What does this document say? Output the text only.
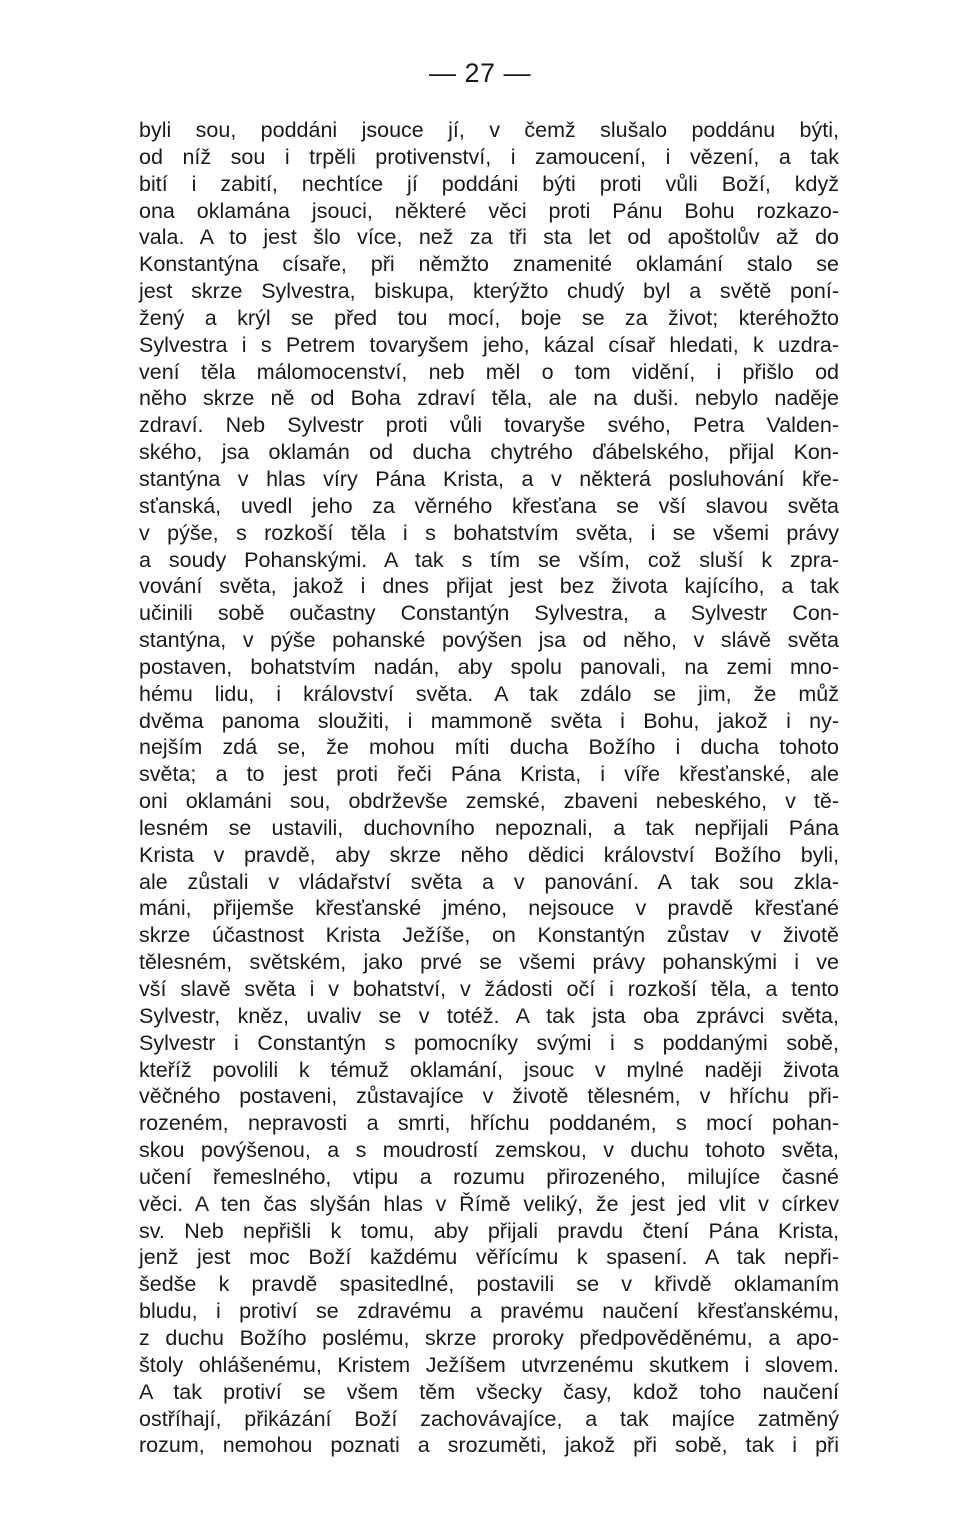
— 27 —
byli sou, poddáni jsouce jí, v čemž slušalo poddánu býti,
od níž sou i trpěli protivenství, i zamoucení, i vězení, a tak
bití i zabití, nechtíce jí poddáni býti proti vůli Boží, když
ona oklamána jsouci, některé věci proti Pánu Bohu rozkazo-
vala. A to jest šlo více, než za tři sta let od apoštolův až do
Konstantýna císaře, při němžto znamenité oklamání stalo se
jest skrze Sylvestra, biskupa, kterýžto chudý byl a světě poní-
žený a krýl se před tou mocí, boje se za život; kteréhožto
Sylvestra i s Petrem tovaryšem jeho, kázal císař hledati, k uzdra-
vení těla málomocenství, neb měl o tom vidění, i přišlo od
něho skrze ně od Boha zdraví těla, ale na duši. nebylo naděje
zdraví. Neb Sylvestr proti vůli tovaryše svého, Petra Valden-
ského, jsa oklamán od ducha chytrého ďábelského, přijal Kon-
stantýna v hlas víry Pána Krista, a v některá posluhování kře-
sťanská, uvedl jeho za věrného křesťana se vší slavou světa
v pýše, s rozkoší těla i s bohatstvím světa, i se všemi právy
a soudy Pohanskými. A tak s tím se vším, což sluší k zpra-
vování světa, jakož i dnes přijat jest bez života kajícího, a tak
učinili sobě oučastny Constantýn Sylvestra, a Sylvestr Con-
stantýna, v pýše pohanské povýšen jsa od něho, v slávě světa
postaven, bohatstvím nadán, aby spolu panovali, na zemi mno-
hému lidu, i království světa. A tak zdálo se jim, že můž
dvěma panoma sloužiti, i mammoně světa i Bohu, jakož i ny-
nejším zdá se, že mohou míti ducha Božího i ducha tohoto
světa; a to jest proti řeči Pána Krista, i víře křesťanské, ale
oni oklamáni sou, obdrževše zemské, zbaveni nebeského, v tě-
lesném se ustavili, duchovního nepoznali, a tak nepřijali Pána
Krista v pravdě, aby skrze něho dědici království Božího byli,
ale zůstali v vládařství světa a v panování. A tak sou zkla-
máni, přijemše křesťanské jméno, nejsouce v pravdě křesťané
skrze účastnost Krista Ježíše, on Konstantýn zůstav v životě
tělesném, světském, jako prvé se všemi právy pohanskými i ve
vší slavě světa i v bohatství, v žádosti očí i rozkoší těla, a tento
Sylvestr, kněz, uvaliv se v totéž. A tak jsta oba zprávci světa,
Sylvestr i Constantýn s pomocníky svými i s poddanými sobě,
kteříž povolili k témuž oklamání, jsouc v mylné naději života
věčného postaveni, zůstavajíce v životě tělesném, v hříchu při-
rozeném, nepravosti a smrti, hříchu poddaném, s mocí pohan-
skou povýšenou, a s moudrostí zemskou, v duchu tohoto světa,
učení řemeslného, vtipu a rozumu přirozeného, milujíce časné
věci. A ten čas slyšán hlas v Římě veliký, že jest jed vlit v církev
sv. Neb nepřišli k tomu, aby přijali pravdu čtení Pána Krista,
jenž jest moc Boží každému věřícímu k spasení. A tak nepři-
šedše k pravdě spasitedlné, postavili se v křivdě oklamaním
bludu, i protiví se zdravému a pravému naučení křesťanskému,
z duchu Božího poslému, skrze proroky předpověděnému, a apo-
štoly ohlášenému, Kristem Ježíšem utvrzenému skutkem i slovem.
A tak protiví se všem těm všecky časy, kdož toho naučení
ostříhají, přikázání Boží zachovávajíce, a tak majíce zatměný
rozum, nemohou poznati a srozuměti, jakož při sobě, tak i při
